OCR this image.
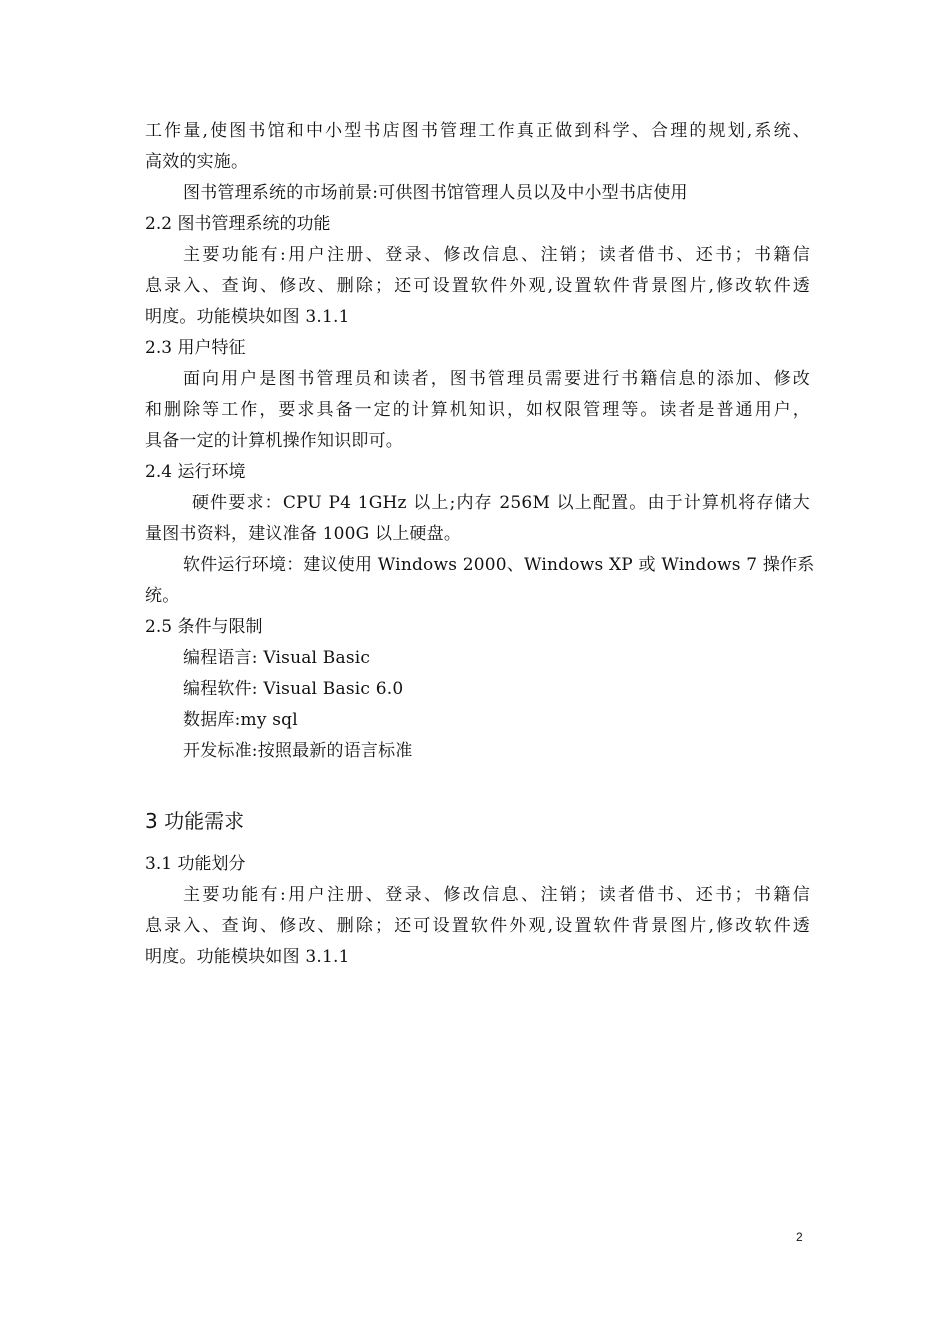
工作量,使图书馆和中小型书店图书管理工作真正做到科学、合理的规划,系统、
高效的实施。
图书管理系统的市场前景:可供图书馆管理人员以及中小型书店使用
2.2 图书管理系统的功能
主要功能有:用户注册、登录、修改信息、注销；读者借书、还书；书籍信
息录入、查询、修改、删除；还可设置软件外观,设置软件背景图片,修改软件透
明度。功能模块如图 3.1.1
2.3 用户特征
面向用户是图书管理员和读者，图书管理员需要进行书籍信息的添加、修改
和删除等工作，要求具备一定的计算机知识，如权限管理等。读者是普通用户，
具备一定的计算机操作知识即可。
2.4 运行环境
硬件要求：CPU P4 1GHz 以上;内存 256M 以上配置。由于计算机将存储大
量图书资料，建议准备 100G 以上硬盘。
软件运行环境：建议使用 Windows 2000、Windows XP 或 Windows 7 操作系
统。
2.5 条件与限制
编程语言: Visual Basic
编程软件: Visual Basic 6.0
数据库:my sql
开发标准:按照最新的语言标准
3 功能需求
3.1 功能划分
主要功能有:用户注册、登录、修改信息、注销；读者借书、还书；书籍信
息录入、查询、修改、删除；还可设置软件外观,设置软件背景图片,修改软件透
明度。功能模块如图 3.1.1
2
